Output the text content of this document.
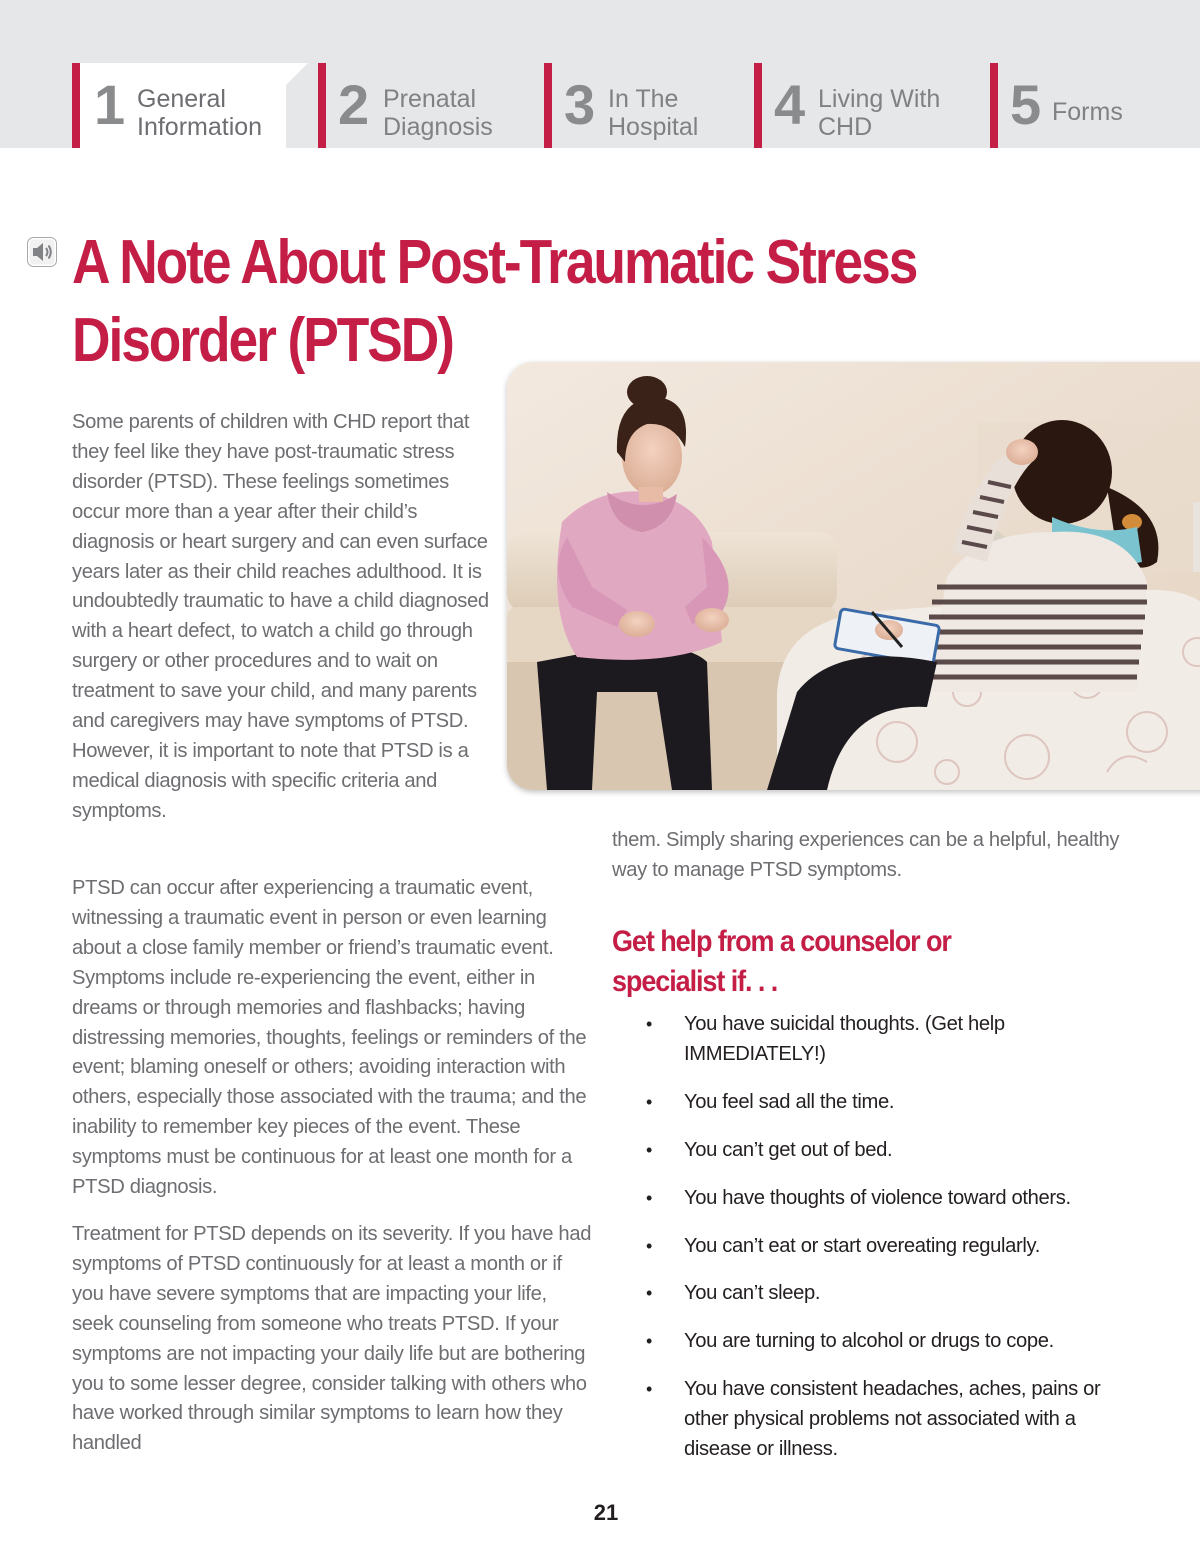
1 General
Information 2 Prenatal
Diagnosis 3 In The
Hospital 4 Living With
CHD	5 Forms
A Note About Post-Traumatic Stress
Disorder (PTSD)

Some parents of children with CHD report that they feel like they have post-traumatic stress disorder (PTSD). These feelings sometimes occur more than a year after their child’s diagnosis or heart surgery and can even surface years later as their child reaches adulthood. It is undoubtedly traumatic to have a child diagnosed with a heart defect, to watch a child go through surgery or other procedures and to wait on treatment to save your child, and many parents and caregivers may have symptoms of PTSD. However, it is important to note that PTSD is a medical diagnosis with specific criteria and symptoms.

PTSD can occur after experiencing a traumatic event, witnessing a traumatic event in person or even learning about a close family member or friend’s traumatic event. Symptoms include re-experiencing the event, either in dreams or through memories and flashbacks; having distressing memories, thoughts, feelings or reminders of the event; blaming oneself or others; avoiding interaction with others, especially those associated with the trauma; and the inability to remember key pieces of the event. These symptoms must be continuous for at least one month for a PTSD diagnosis.

Treatment for PTSD depends on its severity. If you have had symptoms of PTSD continuously for at least a month or if you have severe symptoms that are impacting your life, seek counseling from someone who treats PTSD. If your symptoms are not impacting your daily life but are bothering you to some lesser degree, consider talking with others who have worked through similar symptoms to learn how they handled

them. Simply sharing experiences can be a helpful, healthy way to manage PTSD symptoms.

Get help from a counselor or specialist if. . .
• You have suicidal thoughts. (Get help IMMEDIATELY!)
• You feel sad all the time.
• You can’t get out of bed.
• You have thoughts of violence toward others.
• You can’t eat or start overeating regularly.
• You can’t sleep.
• You are turning to alcohol or drugs to cope.
• You have consistent headaches, aches, pains or other physical problems not associated with a disease or illness.
21
